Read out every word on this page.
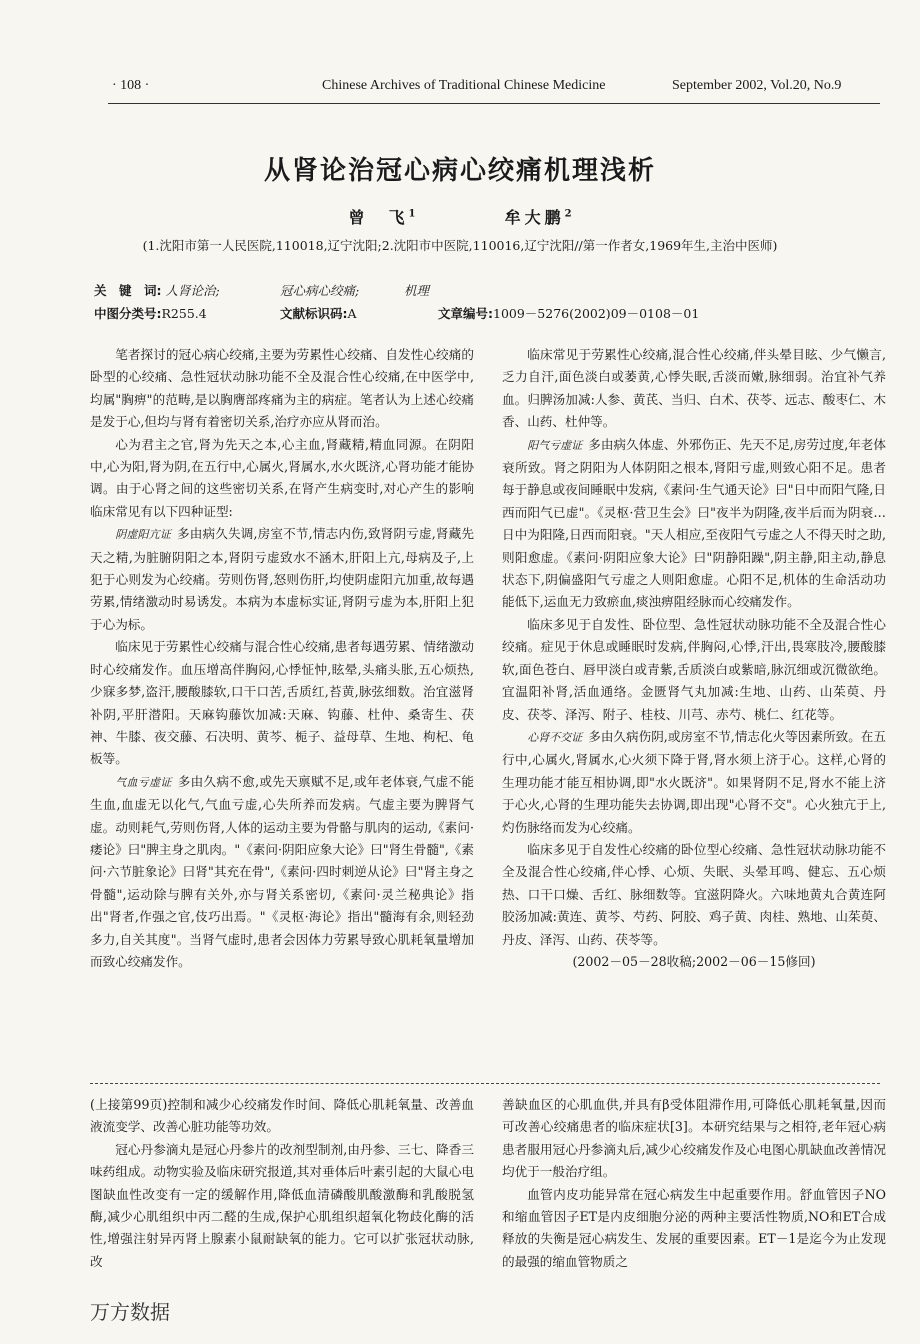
· 108 ·	Chinese Archives of Traditional Chinese Medicine	September 2002, Vol.20, No.9
从肾论治冠心病心绞痛机理浅析
曾　飞$^1$	牟大鹏$^2$
(1.沈阳市第一人民医院,110018,辽宁沈阳;2.沈阳市中医院,110016,辽宁沈阳//第一作者女,1969年生,主治中医师)
关　键　词: 人肾论治;	冠心病心绞痛;	机理
中图分类号:R255.4	文献标识码:A	文章编号:1009－5276(2002)09－0108－01

笔者探讨的冠心病心绞痛,主要为劳累性心绞痛、自发性心绞痛的卧型的心绞痛、急性冠状动脉功能不全及混合性心绞痛,在中医学中,均属"胸痹"的范畴,是以胸膺部疼痛为主的病症。笔者认为上述心绞痛是发于心,但均与肾有着密切关系,治疗亦应从肾而治。

心为君主之官,肾为先天之本,心主血,肾藏精,精血同源。在阴阳中,心为阳,肾为阴,在五行中,心属火,肾属水,水火既济,心肾功能才能协调。由于心肾之间的这些密切关系,在肾产生病变时,对心产生的影响临床常见有以下四种证型:

阴虚阳亢证 多由病久失调,房室不节,情志内伤,致肾阴亏虚,肾藏先天之精,为脏腑阴阳之本,肾阴亏虚致水不涵木,肝阳上亢,母病及子,上犯于心则发为心绞痛。劳则伤肾,怒则伤肝,均使阴虚阳亢加重,故每遇劳累,情绪激动时易诱发。本病为本虚标实证,肾阴亏虚为本,肝阳上犯于心为标。

临床见于劳累性心绞痛与混合性心绞痛,患者每遇劳累、情绪激动时心绞痛发作。血压增高伴胸闷,心悸怔忡,眩晕,头痛头胀,五心烦热,少寐多梦,盗汗,腰酸膝软,口干口苦,舌质红,苔黄,脉弦细数。治宜滋肾补阴,平肝潜阳。天麻钩藤饮加减:天麻、钩藤、杜仲、桑寄生、茯神、牛膝、夜交藤、石决明、黄芩、栀子、益母草、生地、枸杞、龟板等。

气血亏虚证 多由久病不愈,或先天禀赋不足,或年老体衰,气虚不能生血,血虚无以化气,气血亏虚,心失所养而发病。气虚主要为脾肾气虚。动则耗气,劳则伤肾,人体的运动主要为骨骼与肌肉的运动,《素问·痿论》曰"脾主身之肌肉。"《素问·阴阳应象大论》曰"肾生骨髓",《素问·六节脏象论》曰肾"其充在骨",《素问·四时刺逆从论》曰"肾主身之骨髓",运动除与脾有关外,亦与肾关系密切,《素问·灵兰秘典论》指出"肾者,作强之官,伎巧出焉。"《灵枢·海论》指出"髓海有余,则轻劲多力,自关其度"。当肾气虚时,患者会因体力劳累导致心肌耗氧量增加而致心绞痛发作。

临床常见于劳累性心绞痛,混合性心绞痛,伴头晕目眩、少气懒言,乏力自汗,面色淡白或萎黄,心悸失眠,舌淡而嫩,脉细弱。治宜补气养血。归脾汤加减:人参、黄芪、当归、白术、茯苓、远志、酸枣仁、木香、山药、杜仲等。

阳气亏虚证 多由病久体虚、外邪伤正、先天不足,房劳过度,年老体衰所致。肾之阴阳为人体阴阳之根本,肾阳亏虚,则致心阳不足。患者每于静息或夜间睡眠中发病,《素问·生气通天论》曰"日中而阳气隆,日西而阳气已虚"。《灵枢·营卫生会》曰"夜半为阴隆,夜半后而为阴衰…日中为阳隆,日西而阳衰。"天人相应,至夜阳气亏虚之人不得天时之助,则阳愈虚。《素问·阴阳应象大论》曰"阴静阳躁",阴主静,阳主动,静息状态下,阴偏盛阳气亏虚之人则阳愈虚。心阳不足,机体的生命活动功能低下,运血无力致瘀血,痰浊痹阻经脉而心绞痛发作。

临床多见于自发性、卧位型、急性冠状动脉功能不全及混合性心绞痛。症见于休息或睡眠时发病,伴胸闷,心悸,汗出,畏寒肢冷,腰酸膝软,面色苍白、唇甲淡白或青紫,舌质淡白或紫暗,脉沉细或沉微欲绝。宜温阳补肾,活血通络。金匮肾气丸加减:生地、山药、山茱萸、丹皮、茯苓、泽泻、附子、桂枝、川芎、赤芍、桃仁、红花等。

心肾不交证 多由久病伤阴,或房室不节,情志化火等因素所致。在五行中,心属火,肾属水,心火须下降于肾,肾水须上济于心。这样,心肾的生理功能才能互相协调,即"水火既济"。如果肾阴不足,肾水不能上济于心火,心肾的生理功能失去协调,即出现"心肾不交"。心火独亢于上,灼伤脉络而发为心绞痛。

临床多见于自发性心绞痛的卧位型心绞痛、急性冠状动脉功能不全及混合性心绞痛,伴心悸、心烦、失眠、头晕耳鸣、健忘、五心烦热、口干口燥、舌红、脉细数等。宜滋阴降火。六味地黄丸合黄连阿胶汤加减:黄连、黄芩、芍药、阿胶、鸡子黄、肉桂、熟地、山茱萸、丹皮、泽泻、山药、茯苓等。

(2002－05－28收稿;2002－06－15修回)

(上接第99页)控制和减少心绞痛发作时间、降低心肌耗氧量、改善血液流变学、改善心脏功能等功效。

冠心丹参滴丸是冠心丹参片的改剂型制剂,由丹参、三七、降香三味药组成。动物实验及临床研究报道,其对垂体后叶素引起的大鼠心电图缺血性改变有一定的缓解作用,降低血清磷酸肌酸激酶和乳酸脱氢酶,减少心肌组织中丙二醛的生成,保护心肌组织超氧化物歧化酶的活性,增强注射异丙肾上腺素小鼠耐缺氧的能力。它可以扩张冠状动脉,改

善缺血区的心肌血供,并具有β受体阻滞作用,可降低心肌耗氧量,因而可改善心绞痛患者的临床症状[3]。本研究结果与之相符,老年冠心病患者服用冠心丹参滴丸后,减少心绞痛发作及心电图心肌缺血改善情况均优于一般治疗组。

血管内皮功能异常在冠心病发生中起重要作用。舒血管因子NO和缩血管因子ET是内皮细胞分泌的两种主要活性物质,NO和ET合成释放的失衡是冠心病发生、发展的重要因素。ET－1是迄今为止发现的最强的缩血管物质之

万方数据
